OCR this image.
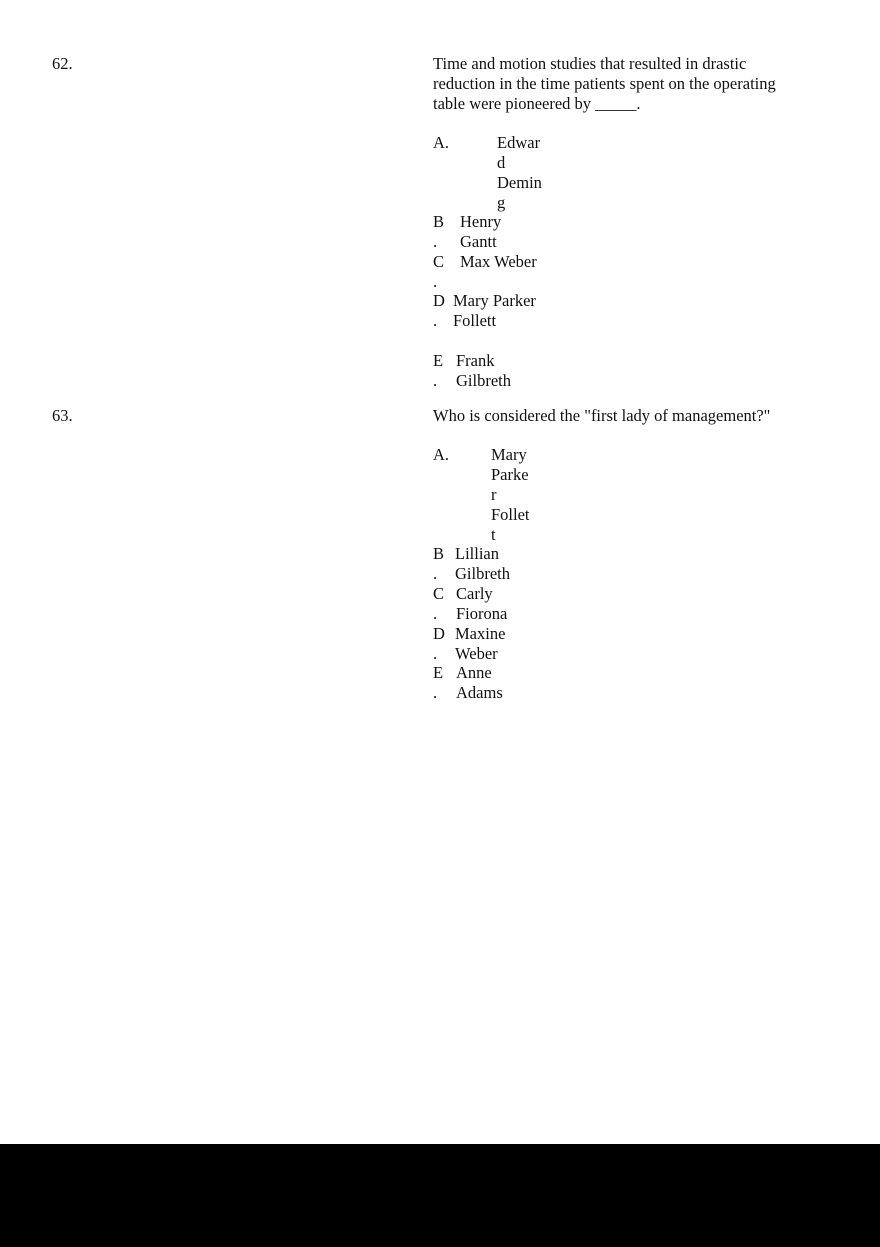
62.	Time and motion studies that resulted in drastic
reduction in the time patients spent on the operating
table were pioneered by _____.
A.	Edwar
d
Demin
g
B Henry
. Gantt
C Max Weber
.
D Mary Parker
. Follett
E Frank
. Gilbreth
63.	Who is considered the "first lady of management?"
A.	Mary
Parke
r
Follet
t
B Lillian
. Gilbreth
C Carly
. Fiorona
D Maxine
. Weber
E Anne
. Adams
